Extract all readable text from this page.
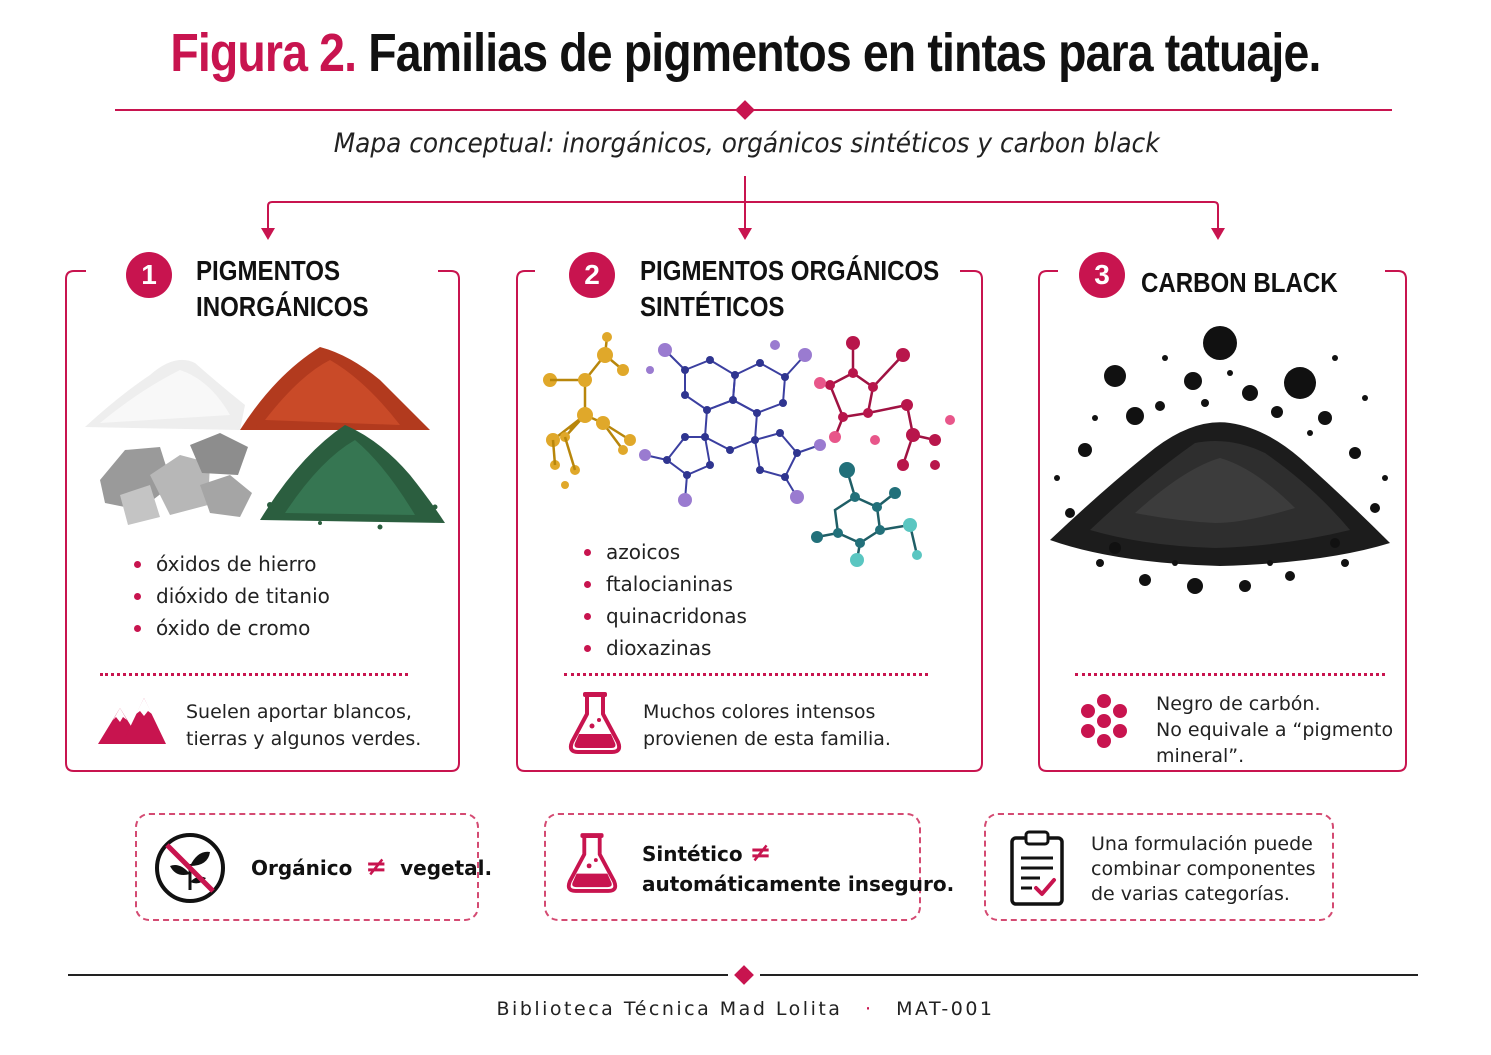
Figura 2. Familias de pigmentos en tintas para tatuaje.
Mapa conceptual: inorgánicos, orgánicos sintéticos y carbon black
1	PIGMENTOS
INORGÁNICOS
óxidos de hierro
dióxido de titanio
óxido de cromo
Suelen aportar blancos,
tierras y algunos verdes.
2	PIGMENTOS ORGÁNICOS
SINTÉTICOS
azoicos
ftalocianinas
quinacridonas
dioxazinas
Muchos colores intensos
provienen de esta familia.
3	CARBON BLACK
Negro de carbón.
No equivale a “pigmento
mineral”.
Orgánico ≠ vegetal.
Sintético ≠
automáticamente inseguro.
Una formulación puede
combinar componentes
de varias categorías.
Biblioteca Técnica Mad Lolita · MAT-001
